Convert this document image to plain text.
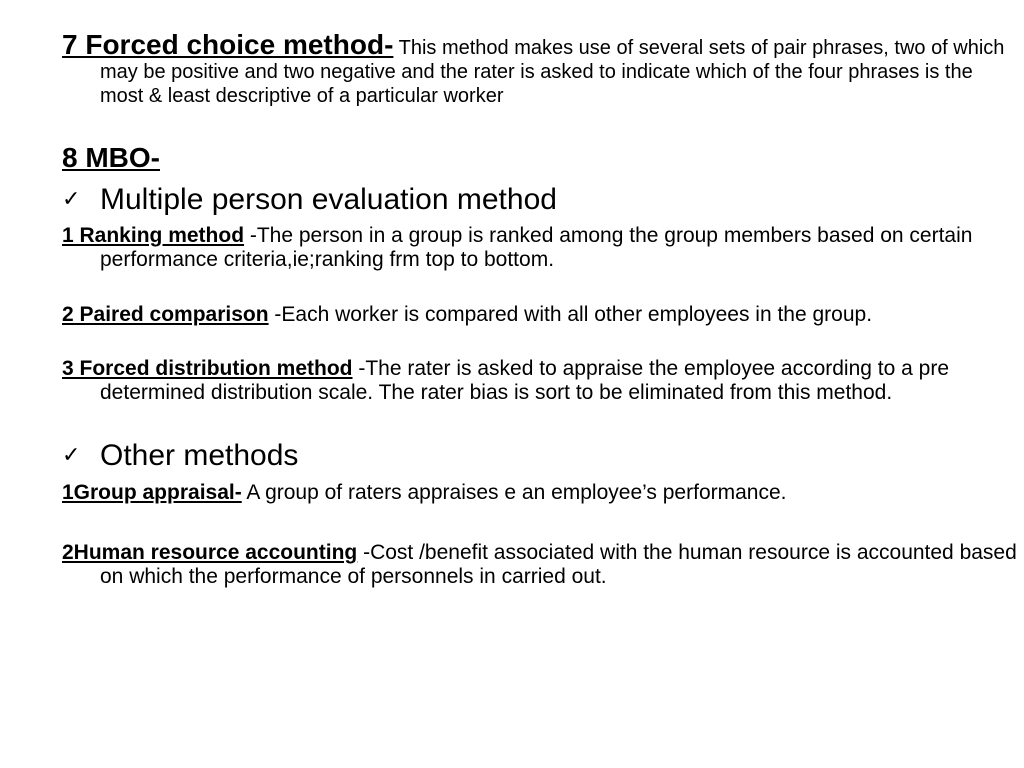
7 Forced choice method- This method makes use of several sets of pair phrases, two of which may be positive and two negative and the rater is asked to indicate which of the four phrases is the most & least descriptive of a particular worker

8 MBO-

✓ Multiple person evaluation method

1 Ranking method -The person in a group is ranked among the group members based on certain performance criteria,ie;ranking frm top to bottom.

2 Paired comparison -Each worker is compared with all other employees in the group.

3 Forced distribution method -The rater is asked to appraise the employee according to a pre determined distribution scale. The rater bias is sort to be eliminated from this method.

✓ Other methods

1Group appraisal- A group of raters appraises e an employee’s performance.

2Human resource accounting -Cost /benefit associated with the human resource is accounted based on which the performance of personnels in carried out.
